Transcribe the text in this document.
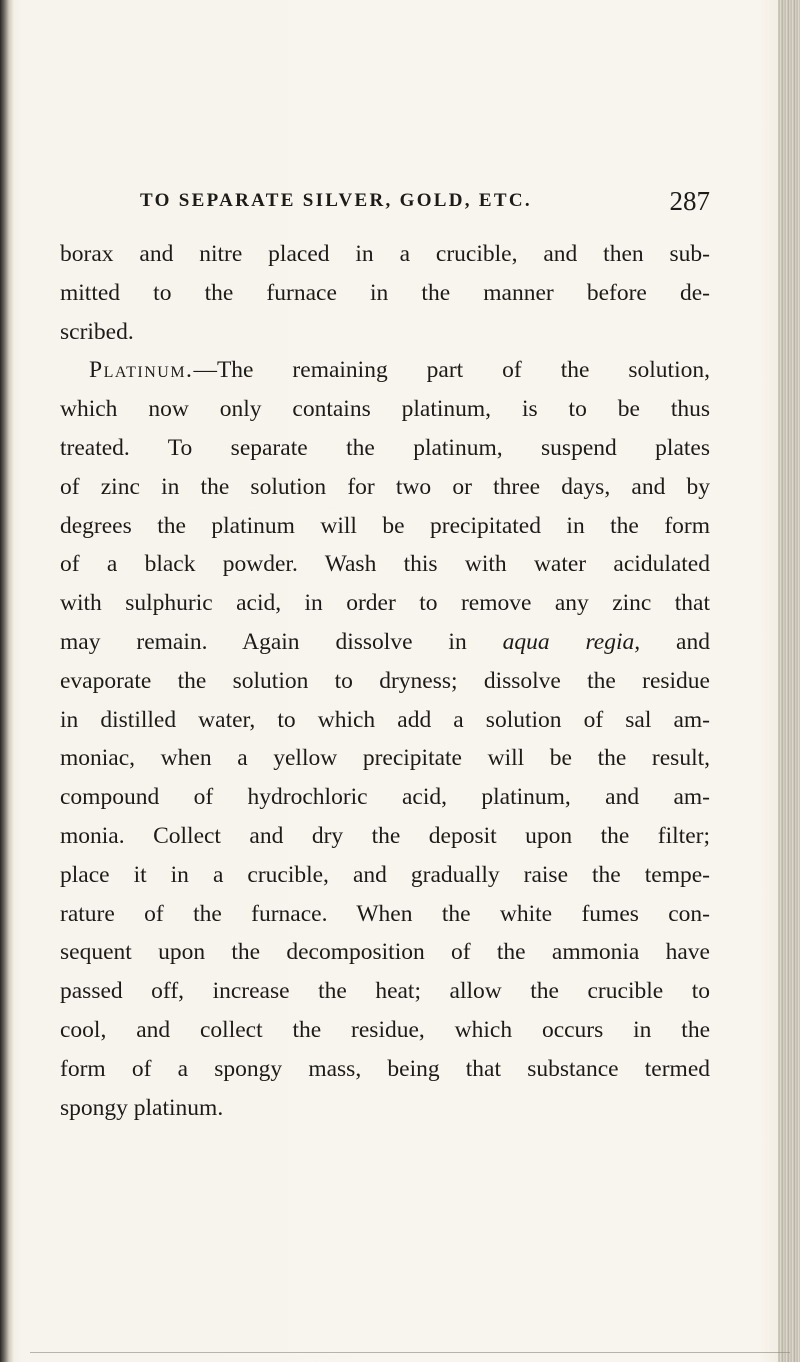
TO SEPARATE SILVER, GOLD, ETC.	287
borax and nitre placed in a crucible, and then sub-
mitted to the furnace in the manner before de-
scribed.
Platinum.—The remaining part of the solution,
which now only contains platinum, is to be thus
treated. To separate the platinum, suspend plates
of zinc in the solution for two or three days, and by
degrees the platinum will be precipitated in the form
of a black powder. Wash this with water acidulated
with sulphuric acid, in order to remove any zinc that
may remain. Again dissolve in aqua regia, and
evaporate the solution to dryness; dissolve the residue
in distilled water, to which add a solution of sal am-
moniac, when a yellow precipitate will be the result,
compound of hydrochloric acid, platinum, and am-
monia. Collect and dry the deposit upon the filter;
place it in a crucible, and gradually raise the tempe-
rature of the furnace. When the white fumes con-
sequent upon the decomposition of the ammonia have
passed off, increase the heat; allow the crucible to
cool, and collect the residue, which occurs in the
form of a spongy mass, being that substance termed
spongy platinum.
